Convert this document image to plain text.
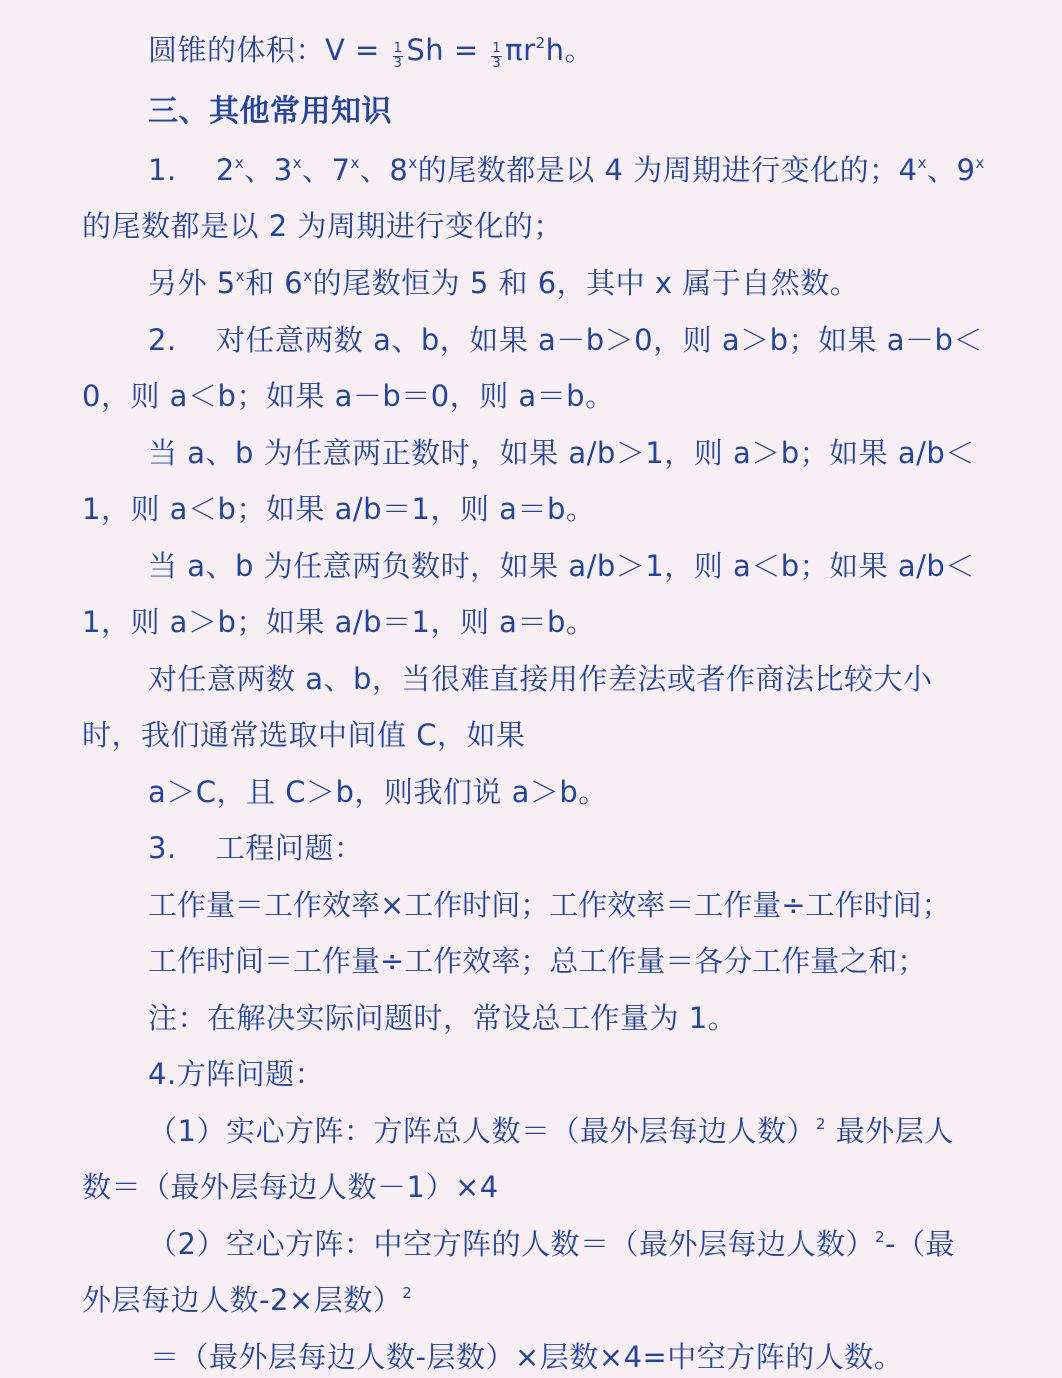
圆锥的体积：$V = \frac{1}{3}$ $Sh = \frac{1}{3} \pi r^2h$。
三、其他常用知识
1.　 2$^x$、3$^x$、7$^x$、8$^x$的尾数都是以 4 为周期进行变化的；4$^x$、9$^x$
的尾数都是以 2 为周期进行变化的；
另外 5$^x$和 6$^x$的尾数恒为 5 和 6，其中 x 属于自然数。
2.　 对任意两数 a、b，如果 a－b＞0，则 a＞b；如果 a－b＜
0，则 a＜b；如果 a－b＝0，则 a＝b。
当 a、b 为任意两正数时，如果 a/b＞1，则 a＞b；如果 a/b＜
1，则 a＜b；如果 a/b＝1，则 a＝b。
当 a、b 为任意两负数时，如果 a/b＞1，则 a＜b；如果 a/b＜
1，则 a＞b；如果 a/b＝1，则 a＝b。
对任意两数 a、b，当很难直接用作差法或者作商法比较大小
时，我们通常选取中间值 C，如果
a＞C，且 C＞b，则我们说 a＞b。
3.　 工程问题：
工作量＝工作效率×工作时间；工作效率＝工作量÷工作时间；
工作时间＝工作量÷工作效率；总工作量＝各分工作量之和；
注：在解决实际问题时，常设总工作量为 1。
4.方阵问题：
（1）实心方阵：方阵总人数＝（最外层每边人数）$^2$ 最外层人
数＝（最外层每边人数－1）×4
（2）空心方阵：中空方阵的人数＝（最外层每边人数）$^2$-（最
外层每边人数-2×层数）$^2$
＝（最外层每边人数-层数）×层数×4=中空方阵的人数。
